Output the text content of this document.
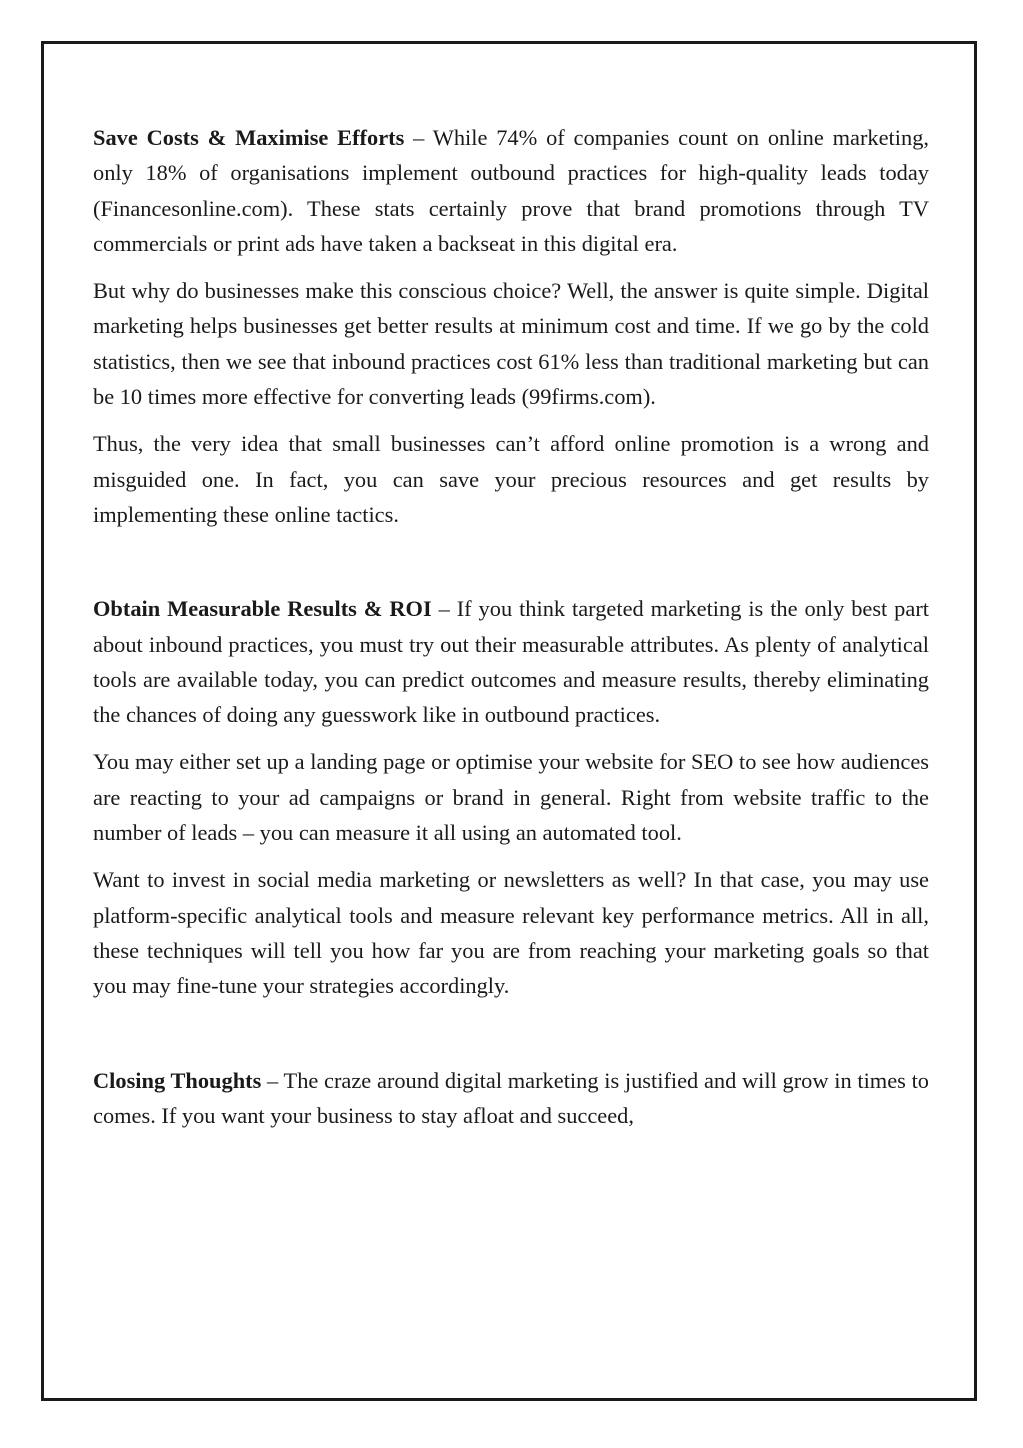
Save Costs & Maximise Efforts – While 74% of companies count on online marketing, only 18% of organisations implement outbound practices for high-quality leads today (Financesonline.com). These stats certainly prove that brand promotions through TV commercials or print ads have taken a backseat in this digital era.

But why do businesses make this conscious choice? Well, the answer is quite simple. Digital marketing helps businesses get better results at minimum cost and time. If we go by the cold statistics, then we see that inbound practices cost 61% less than traditional marketing but can be 10 times more effective for converting leads (99firms.com).

Thus, the very idea that small businesses can’t afford online promotion is a wrong and misguided one. In fact, you can save your precious resources and get results by implementing these online tactics.

Obtain Measurable Results & ROI – If you think targeted marketing is the only best part about inbound practices, you must try out their measurable attributes. As plenty of analytical tools are available today, you can predict outcomes and measure results, thereby eliminating the chances of doing any guesswork like in outbound practices.

You may either set up a landing page or optimise your website for SEO to see how audiences are reacting to your ad campaigns or brand in general. Right from website traffic to the number of leads – you can measure it all using an automated tool.

Want to invest in social media marketing or newsletters as well? In that case, you may use platform-specific analytical tools and measure relevant key performance metrics. All in all, these techniques will tell you how far you are from reaching your marketing goals so that you may fine-tune your strategies accordingly.

Closing Thoughts – The craze around digital marketing is justified and will grow in times to comes. If you want your business to stay afloat and succeed,
